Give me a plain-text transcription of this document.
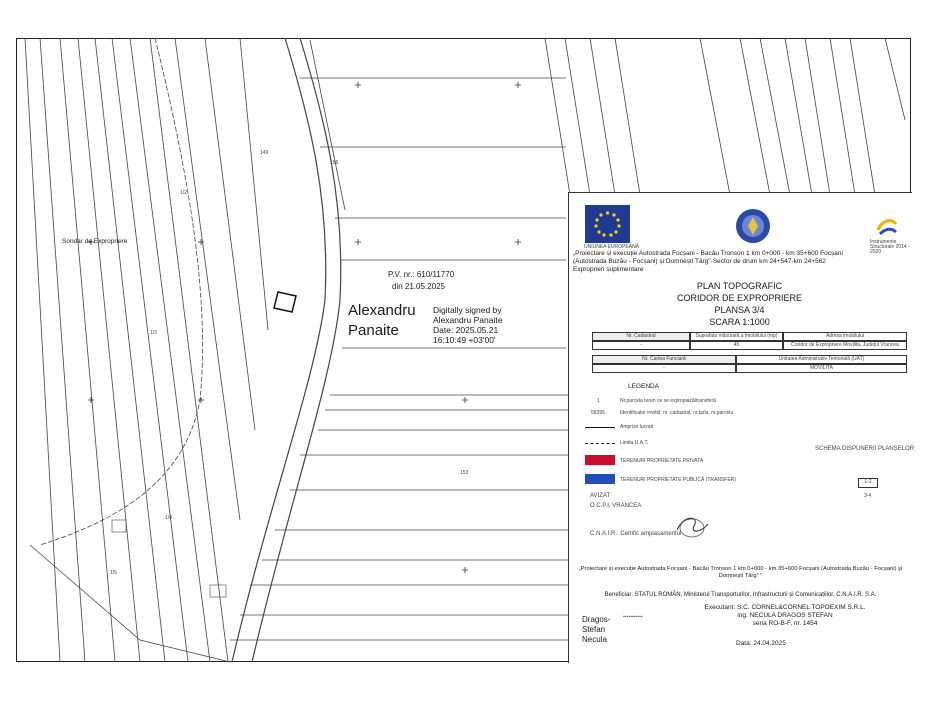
Sondar de Expropriere
149
1/2
1/3
1/4
1/5
156
153
P.V. nr.: 610/11770
din 21.05.2025
Alexandru
Panaite
Digitally signed by
Alexandru Panaite
Date: 2025.05.21
16:10:49 +03'00'
UNIUNEA EUROPEANĂ
Instrumente Structurale 2014 - 2020
„Proiectare și execuție Autostrada Focșani - Bacău Tronson 1 km 0+000 - km 35+600 Focșani
(Autostrada Buzău - Focșani) și Domnești Târg"-Sector de drum km 24+547-km 24+562
Exproprieri suplimentare
PLAN TOPOGRAFIC
CORIDOR DE EXPROPRIERE
PLANSA 3/4
SCARA 1:1000
Nr. Cadastral	Suprafața măsurată a imobilului (mp)	Adresa imobilului
-	45	Coridor de Expropriere Movilita, Județul Vrancea
Nr. Cartea Funciară	Unitatea Administrativ Teritorială (UAT)
-	MOVILITA
LEGENDA
1	Nr.parcela teren ce se expropiază/transferă
58395	Identificator imobil: nr. cadastral, nr.tarla, nr.parcela
Amprize lucrari
Limita U.A.T.
TERENURI PROPRIETATE PRIVATA
TERENURI PROPRIETATE PUBLICĂ (TRANSFER)
SCHEMA DISPUNERII PLANȘELOR
1-2
3-4
AVIZAT
O.C.P.I. VRANCEA
C.N.A.I.R.: Certific amplasamentul
„Proiectare și execuție Autostrada Focșani - Bacău Tronson 1 km 0+000 - km 35+600 Focșani (Autostrada Buzău - Focșani) și
Domnești Târg" "
Beneficiar: STATUL ROMÂN, Ministerul Transporturilor, Infrastructurii și Comunicațiilor, C.N.A.I.R. S.A.
Dragos-
Stefan
Necula
▪▪▪▪▪▪▪▪▪▪▪
Executant: S.C. CORNEL&CORNEL TOPOEXIM S.R.L.
ing. NECULA DRAGOS STEFAN
seria RO-B-F, nr. 1454
Data: 24.04.2025
